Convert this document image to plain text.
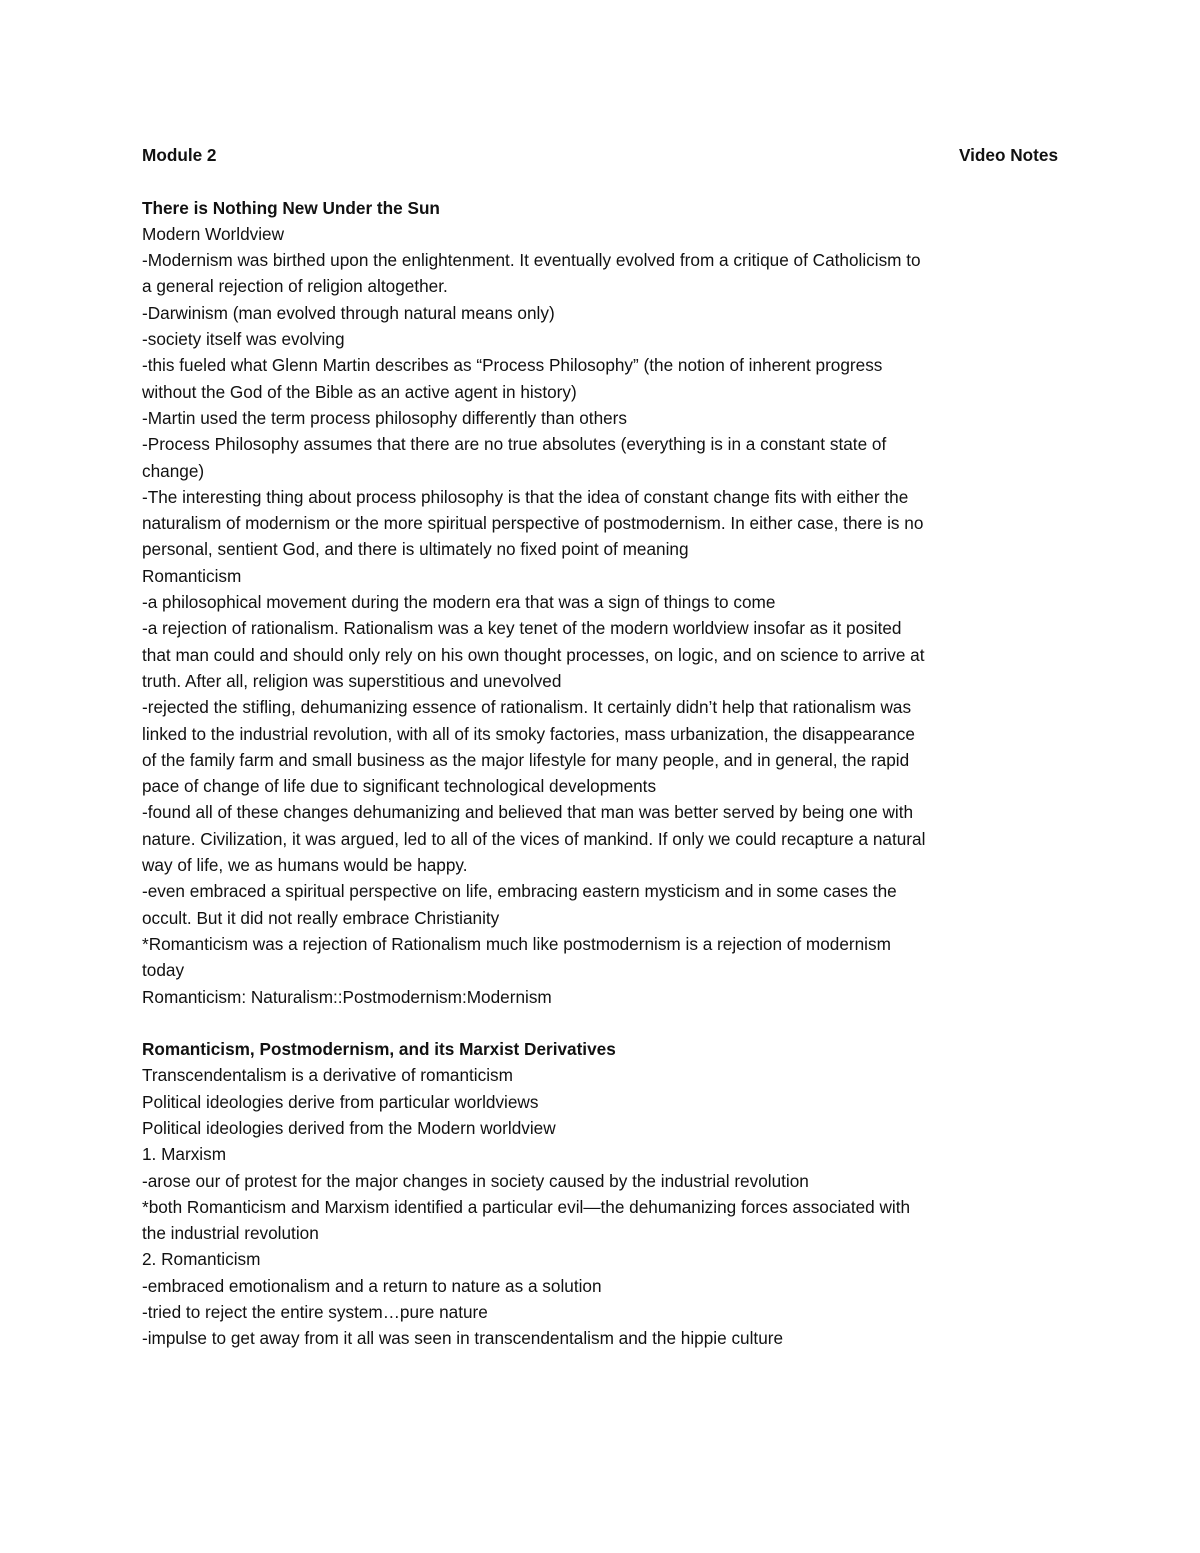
Module 2	Video Notes
There is Nothing New Under the Sun
Modern Worldview
-Modernism was birthed upon the enlightenment. It eventually evolved from a critique of Catholicism to
a general rejection of religion altogether.
-Darwinism (man evolved through natural means only)
-society itself was evolving
-this fueled what Glenn Martin describes as “Process Philosophy” (the notion of inherent progress
without the God of the Bible as an active agent in history)
-Martin used the term process philosophy differently than others
-Process Philosophy assumes that there are no true absolutes (everything is in a constant state of
change)
-The interesting thing about process philosophy is that the idea of constant change fits with either the
naturalism of modernism or the more spiritual perspective of postmodernism. In either case, there is no
personal, sentient God, and there is ultimately no fixed point of meaning
Romanticism
-a philosophical movement during the modern era that was a sign of things to come
-a rejection of rationalism. Rationalism was a key tenet of the modern worldview insofar as it posited
that man could and should only rely on his own thought processes, on logic, and on science to arrive at
truth. After all, religion was superstitious and unevolved
-rejected the stifling, dehumanizing essence of rationalism. It certainly didn’t help that rationalism was
linked to the industrial revolution, with all of its smoky factories, mass urbanization, the disappearance
of the family farm and small business as the major lifestyle for many people, and in general, the rapid
pace of change of life due to significant technological developments
-found all of these changes dehumanizing and believed that man was better served by being one with
nature. Civilization, it was argued, led to all of the vices of mankind. If only we could recapture a natural
way of life, we as humans would be happy.
-even embraced a spiritual perspective on life, embracing eastern mysticism and in some cases the
occult. But it did not really embrace Christianity
*Romanticism was a rejection of Rationalism much like postmodernism is a rejection of modernism
today
Romanticism: Naturalism::Postmodernism:Modernism
Romanticism, Postmodernism, and its Marxist Derivatives
Transcendentalism is a derivative of romanticism
Political ideologies derive from particular worldviews
Political ideologies derived from the Modern worldview
1. Marxism
-arose our of protest for the major changes in society caused by the industrial revolution
*both Romanticism and Marxism identified a particular evil—the dehumanizing forces associated with
the industrial revolution
2. Romanticism
-embraced emotionalism and a return to nature as a solution
-tried to reject the entire system…pure nature
-impulse to get away from it all was seen in transcendentalism and the hippie culture
